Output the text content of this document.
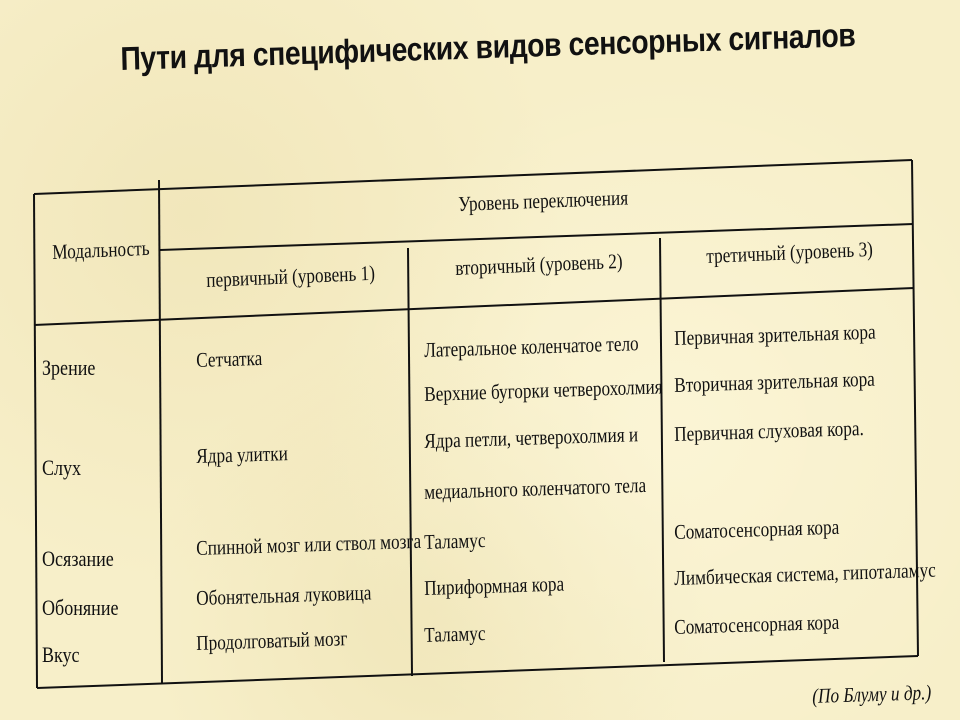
Пути для специфических видов сенсорных сигналов
Модальность
Уровень переключения
первичный (уровень 1)	вторичный (уровень 2)	третичный (уровень 3)
Зрение
Слух
Осязание
Обоняние
Вкус
Сетчатка
Ядра улитки
Спинной мозг или ствол мозга
Обонятельная луковица
Продолговатый мозг
Латеральное коленчатое тело
Верхние бугорки четверохолмия
Ядра петли, четверохолмия и
медиального коленчатого тела
Таламус
Пириформная кора
Таламус
Первичная зрительная кора
Вторичная зрительная кора
Первичная слуховая кора.
Соматосенсорная кора
Лимбическая система, гипоталамус
Соматосенсорная кора
(По Блуму и др.)
